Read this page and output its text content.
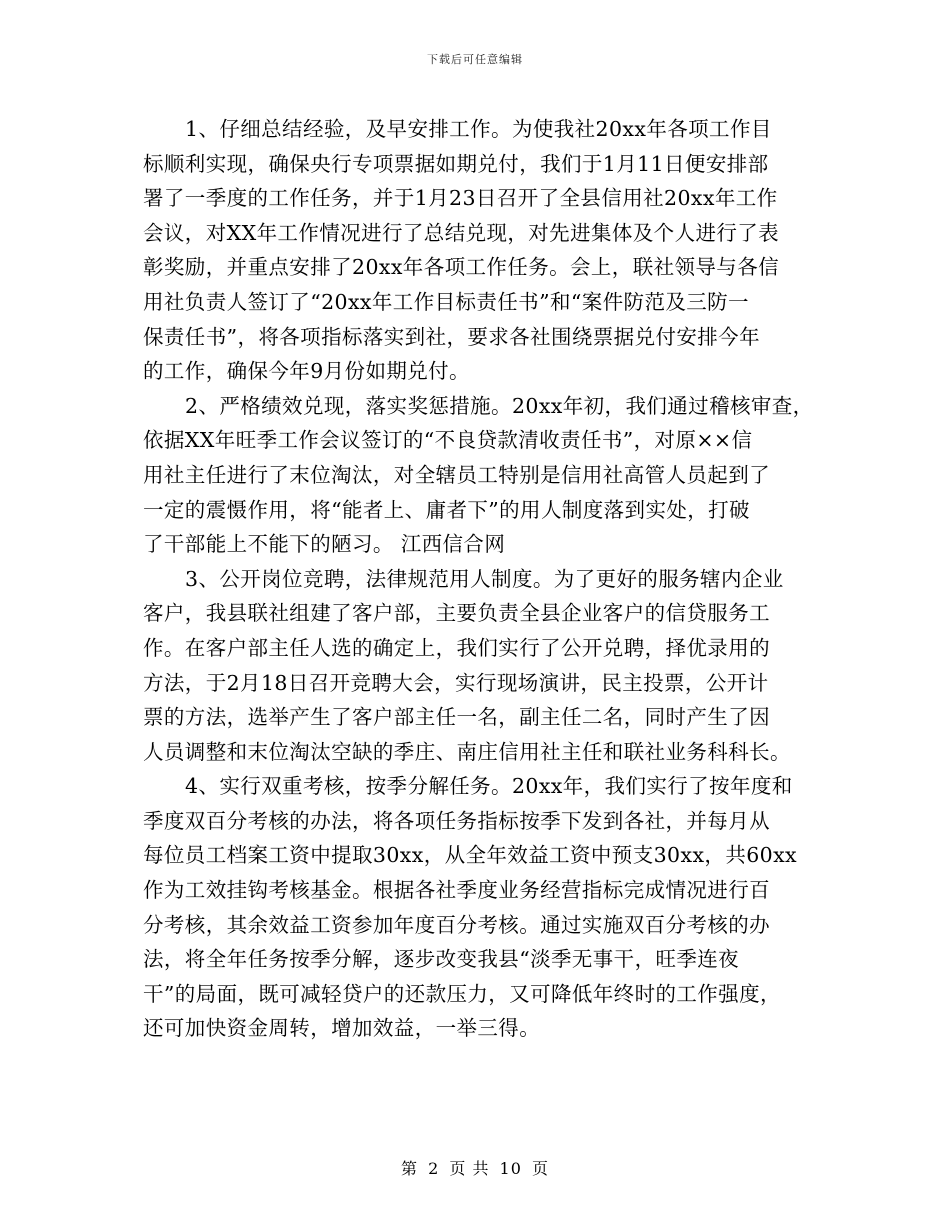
下载后可任意编辑
1、仔细总结经验，及早安排工作。为使我社20xx年各项工作目
标顺利实现，确保央行专项票据如期兑付，我们于1月11日便安排部
署了一季度的工作任务，并于1月23日召开了全县信用社20xx年工作
会议，对XX年工作情况进行了总结兑现，对先进集体及个人进行了表
彰奖励，并重点安排了20xx年各项工作任务。会上，联社领导与各信
用社负责人签订了“20xx年工作目标责任书”和“案件防范及三防一
保责任书”，将各项指标落实到社，要求各社围绕票据兑付安排今年
的工作，确保今年9月份如期兑付。
2、严格绩效兑现，落实奖惩措施。20xx年初，我们通过稽核审查，
依据XX年旺季工作会议签订的“不良贷款清收责任书”，对原××信
用社主任进行了末位淘汰，对全辖员工特别是信用社高管人员起到了
一定的震慑作用，将“能者上、庸者下”的用人制度落到实处，打破
了干部能上不能下的陋习。 江西信合网
3、公开岗位竞聘，法律规范用人制度。为了更好的服务辖内企业
客户，我县联社组建了客户部，主要负责全县企业客户的信贷服务工
作。在客户部主任人选的确定上，我们实行了公开兑聘，择优录用的
方法，于2月18日召开竞聘大会，实行现场演讲，民主投票，公开计
票的方法，选举产生了客户部主任一名，副主任二名，同时产生了因
人员调整和末位淘汰空缺的季庄、南庄信用社主任和联社业务科科长。
4、实行双重考核，按季分解任务。20xx年，我们实行了按年度和
季度双百分考核的办法，将各项任务指标按季下发到各社，并每月从
每位员工档案工资中提取30xx，从全年效益工资中预支30xx，共60xx
作为工效挂钩考核基金。根据各社季度业务经营指标完成情况进行百
分考核，其余效益工资参加年度百分考核。通过实施双百分考核的办
法，将全年任务按季分解，逐步改变我县“淡季无事干，旺季连夜
干”的局面，既可减轻贷户的还款压力，又可降低年终时的工作强度，
还可加快资金周转，增加效益，一举三得。
第 2 页 共 10 页
